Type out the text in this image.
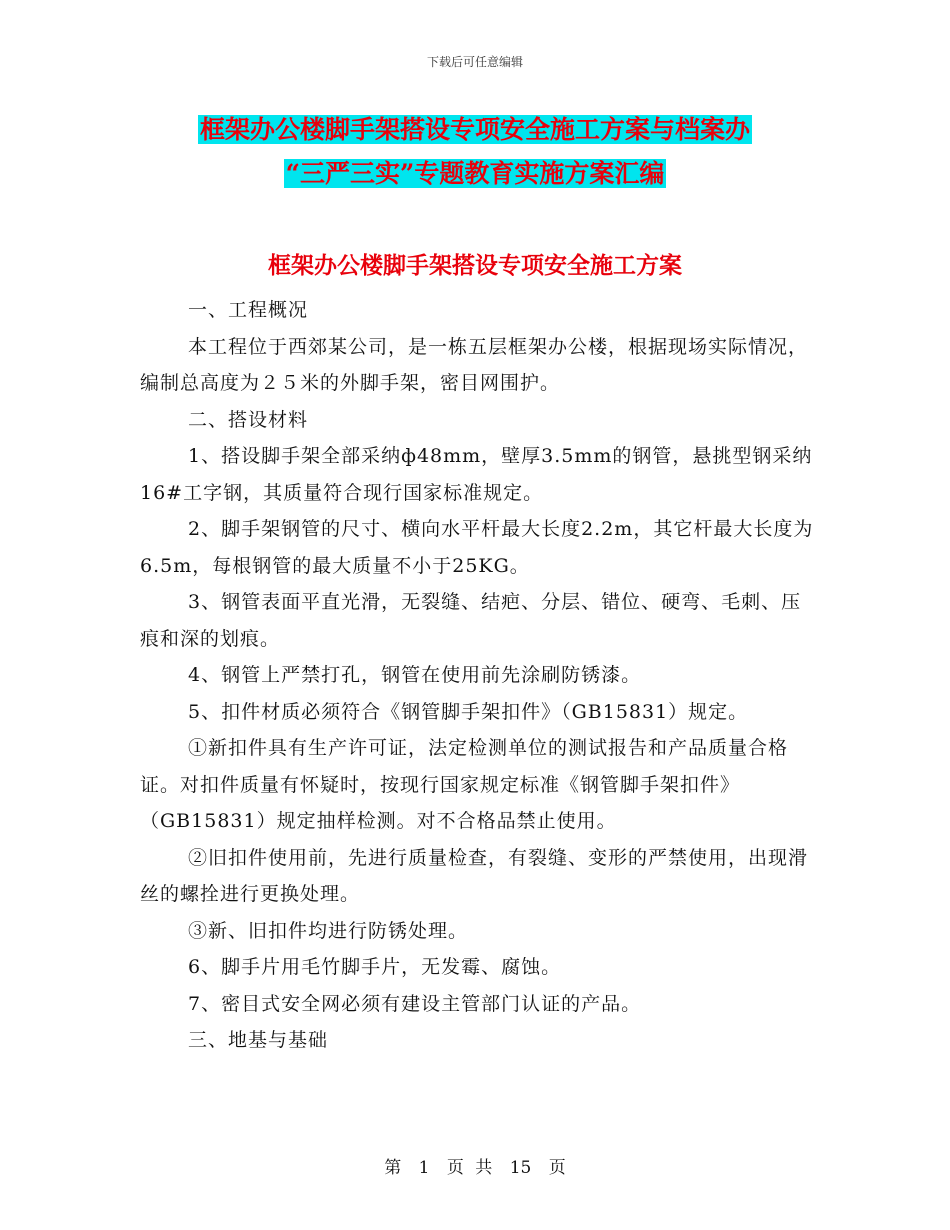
下载后可任意编辑
框架办公楼脚手架搭设专项安全施工方案与档案办
“三严三实”专题教育实施方案汇编
框架办公楼脚手架搭设专项安全施工方案

一、工程概况

本工程位于西郊某公司，是一栋五层框架办公楼，根据现场实际情况，编制总高度为２５米的外脚手架，密目网围护。

二、搭设材料

1、搭设脚手架全部采纳ф48mm，壁厚3.5mm的钢管，悬挑型钢采纳16#工字钢，其质量符合现行国家标准规定。

2、脚手架钢管的尺寸、横向水平杆最大长度2.2m，其它杆最大长度为6.5m，每根钢管的最大质量不小于25KG。

3、钢管表面平直光滑，无裂缝、结疤、分层、错位、硬弯、毛刺、压痕和深的划痕。

4、钢管上严禁打孔，钢管在使用前先涂刷防锈漆。

5、扣件材质必须符合《钢管脚手架扣件》（GB15831）规定。

①新扣件具有生产许可证，法定检测单位的测试报告和产品质量合格证。对扣件质量有怀疑时，按现行国家规定标准《钢管脚手架扣件》（GB15831）规定抽样检测。对不合格品禁止使用。

②旧扣件使用前，先进行质量检查，有裂缝、变形的严禁使用，出现滑丝的螺拴进行更换处理。

③新、旧扣件均进行防锈处理。

6、脚手片用毛竹脚手片，无发霉、腐蚀。

7、密目式安全网必须有建设主管部门认证的产品。

三、地基与基础

第 1 页 共 15 页
